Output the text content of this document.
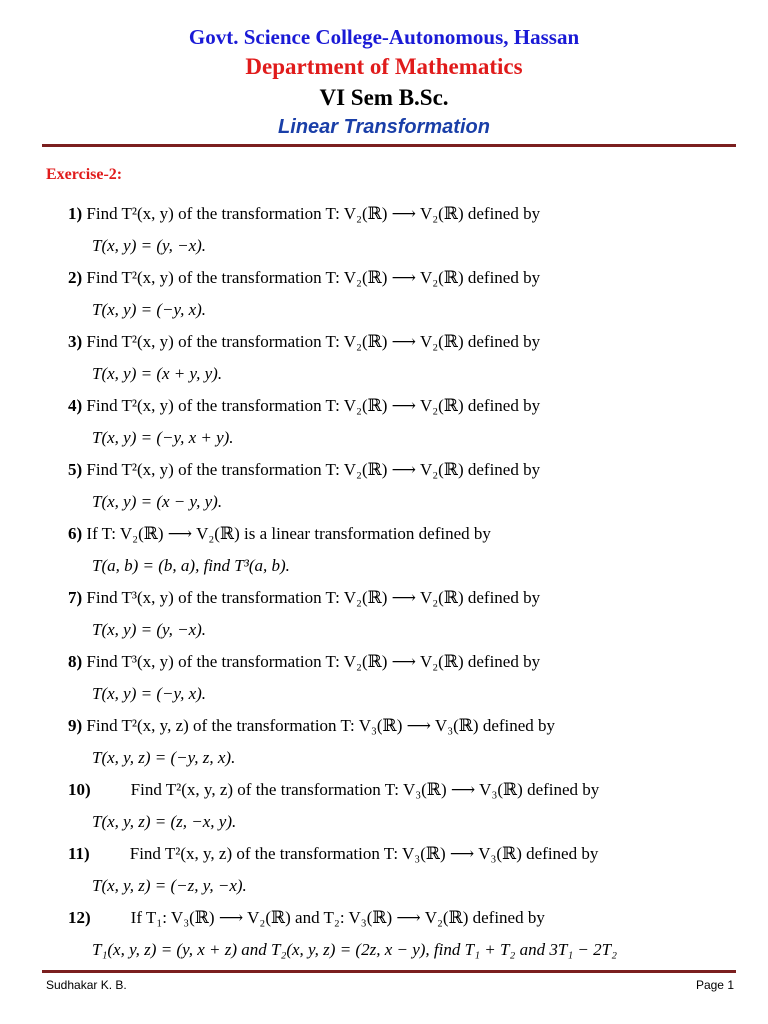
Govt. Science College-Autonomous, Hassan
Department of Mathematics
VI Sem B.Sc.
Linear Transformation
Exercise-2:
1) Find T²(x, y) of the transformation T: V₂(ℝ) ⟶ V₂(ℝ) defined by
T(x, y) = (y, −x).
2) Find T²(x, y) of the transformation T: V₂(ℝ) ⟶ V₂(ℝ) defined by
T(x, y) = (−y, x).
3) Find T²(x, y) of the transformation T: V₂(ℝ) ⟶ V₂(ℝ) defined by
T(x, y) = (x + y, y).
4) Find T²(x, y) of the transformation T: V₂(ℝ) ⟶ V₂(ℝ) defined by
T(x, y) = (−y, x + y).
5) Find T²(x, y) of the transformation T: V₂(ℝ) ⟶ V₂(ℝ) defined by
T(x, y) = (x − y, y).
6) If T: V₂(ℝ) ⟶ V₂(ℝ) is a linear transformation defined by
T(a, b) = (b, a), find T³(a, b).
7) Find T³(x, y) of the transformation T: V₂(ℝ) ⟶ V₂(ℝ) defined by
T(x, y) = (y, −x).
8) Find T³(x, y) of the transformation T: V₂(ℝ) ⟶ V₂(ℝ) defined by
T(x, y) = (−y, x).
9) Find T²(x, y, z) of the transformation T: V₃(ℝ) ⟶ V₃(ℝ) defined by
T(x, y, z) = (−y, z, x).
10) Find T²(x, y, z) of the transformation T: V₃(ℝ) ⟶ V₃(ℝ) defined by
T(x, y, z) = (z, −x, y).
11) Find T²(x, y, z) of the transformation T: V₃(ℝ) ⟶ V₃(ℝ) defined by
T(x, y, z) = (−z, y, −x).
12) If T₁: V₃(ℝ) ⟶ V₂(ℝ) and T₂: V₃(ℝ) ⟶ V₂(ℝ) defined by
T₁(x, y, z) = (y, x + z) and T₂(x, y, z) = (2z, x − y), find T₁ + T₂ and 3T₁ − 2T₂
Sudhakar K. B.	Page 1
